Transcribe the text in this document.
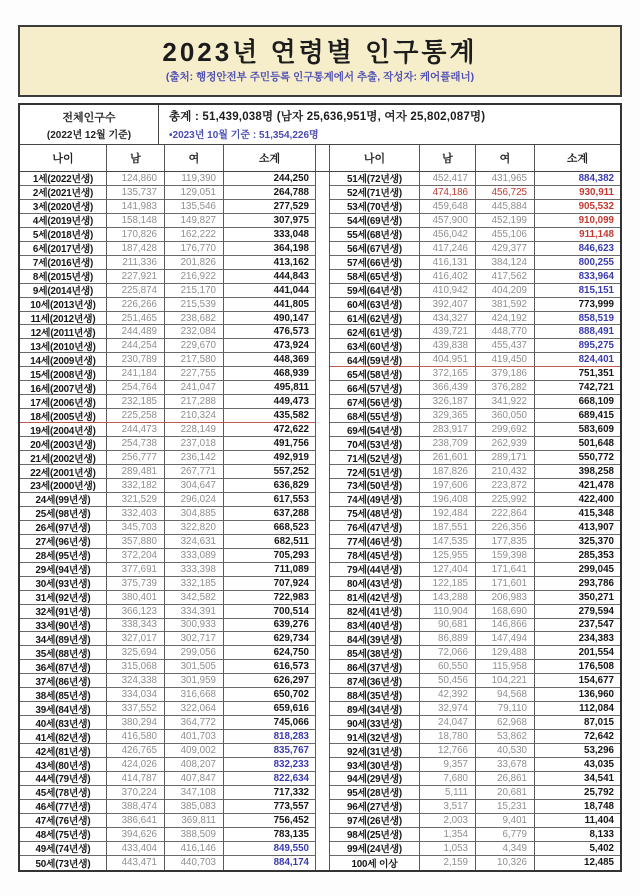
2023년 연령별 인구통계
(출처: 행정안전부 주민등록 인구통계에서 추출, 작성자: 케어플래너)
전체인구수
(2022년 12월 기준)
총계 : 51,439,038명 (남자 25,636,951명, 여자 25,802,087명)
•2023년 10월 기준 : 51,354,226명
나이	남	여	소계	나이	남	여	소계
1세(2022년생)	124,860	119,390	244,250
2세(2021년생)	135,737	129,051	264,788
3세(2020년생)	141,983	135,546	277,529
4세(2019년생)	158,148	149,827	307,975
5세(2018년생)	170,826	162,222	333,048
6세(2017년생)	187,428	176,770	364,198
7세(2016년생)	211,336	201,826	413,162
8세(2015년생)	227,921	216,922	444,843
9세(2014년생)	225,874	215,170	441,044
10세(2013년생)	226,266	215,539	441,805
11세(2012년생)	251,465	238,682	490,147
12세(2011년생)	244,489	232,084	476,573
13세(2010년생)	244,254	229,670	473,924
14세(2009년생)	230,789	217,580	448,369
15세(2008년생)	241,184	227,755	468,939
16세(2007년생)	254,764	241,047	495,811
17세(2006년생)	232,185	217,288	449,473
18세(2005년생)	225,258	210,324	435,582
19세(2004년생)	244,473	228,149	472,622
20세(2003년생)	254,738	237,018	491,756
21세(2002년생)	256,777	236,142	492,919
22세(2001년생)	289,481	267,771	557,252
23세(2000년생)	332,182	304,647	636,829
24세(99년생)	321,529	296,024	617,553
25세(98년생)	332,403	304,885	637,288
26세(97년생)	345,703	322,820	668,523
27세(96년생)	357,880	324,631	682,511
28세(95년생)	372,204	333,089	705,293
29세(94년생)	377,691	333,398	711,089
30세(93년생)	375,739	332,185	707,924
31세(92년생)	380,401	342,582	722,983
32세(91년생)	366,123	334,391	700,514
33세(90년생)	338,343	300,933	639,276
34세(89년생)	327,017	302,717	629,734
35세(88년생)	325,694	299,056	624,750
36세(87년생)	315,068	301,505	616,573
37세(86년생)	324,338	301,959	626,297
38세(85년생)	334,034	316,668	650,702
39세(84년생)	337,552	322,064	659,616
40세(83년생)	380,294	364,772	745,066
41세(82년생)	416,580	401,703	818,283
42세(81년생)	426,765	409,002	835,767
43세(80년생)	424,026	408,207	832,233
44세(79년생)	414,787	407,847	822,634
45세(78년생)	370,224	347,108	717,332
46세(77년생)	388,474	385,083	773,557
47세(76년생)	386,641	369,811	756,452
48세(75년생)	394,626	388,509	783,135
49세(74년생)	433,404	416,146	849,550
50세(73년생)	443,471	440,703	884,174
51세(72년생)	452,417	431,965	884,382
52세(71년생)	474,186	456,725	930,911
53세(70년생)	459,648	445,884	905,532
54세(69년생)	457,900	452,199	910,099
55세(68년생)	456,042	455,106	911,148
56세(67년생)	417,246	429,377	846,623
57세(66년생)	416,131	384,124	800,255
58세(65년생)	416,402	417,562	833,964
59세(64년생)	410,942	404,209	815,151
60세(63년생)	392,407	381,592	773,999
61세(62년생)	434,327	424,192	858,519
62세(61년생)	439,721	448,770	888,491
63세(60년생)	439,838	455,437	895,275
64세(59년생)	404,951	419,450	824,401
65세(58년생)	372,165	379,186	751,351
66세(57년생)	366,439	376,282	742,721
67세(56년생)	326,187	341,922	668,109
68세(55년생)	329,365	360,050	689,415
69세(54년생)	283,917	299,692	583,609
70세(53년생)	238,709	262,939	501,648
71세(52년생)	261,601	289,171	550,772
72세(51년생)	187,826	210,432	398,258
73세(50년생)	197,606	223,872	421,478
74세(49년생)	196,408	225,992	422,400
75세(48년생)	192,484	222,864	415,348
76세(47년생)	187,551	226,356	413,907
77세(46년생)	147,535	177,835	325,370
78세(45년생)	125,955	159,398	285,353
79세(44년생)	127,404	171,641	299,045
80세(43년생)	122,185	171,601	293,786
81세(42년생)	143,288	206,983	350,271
82세(41년생)	110,904	168,690	279,594
83세(40년생)	90,681	146,866	237,547
84세(39년생)	86,889	147,494	234,383
85세(38년생)	72,066	129,488	201,554
86세(37년생)	60,550	115,958	176,508
87세(36년생)	50,456	104,221	154,677
88세(35년생)	42,392	94,568	136,960
89세(34년생)	32,974	79,110	112,084
90세(33년생)	24,047	62,968	87,015
91세(32년생)	18,780	53,862	72,642
92세(31년생)	12,766	40,530	53,296
93세(30년생)	9,357	33,678	43,035
94세(29년생)	7,680	26,861	34,541
95세(28년생)	5,111	20,681	25,792
96세(27년생)	3,517	15,231	18,748
97세(26년생)	2,003	9,401	11,404
98세(25년생)	1,354	6,779	8,133
99세(24년생)	1,053	4,349	5,402
100세 이상	2,159	10,326	12,485
